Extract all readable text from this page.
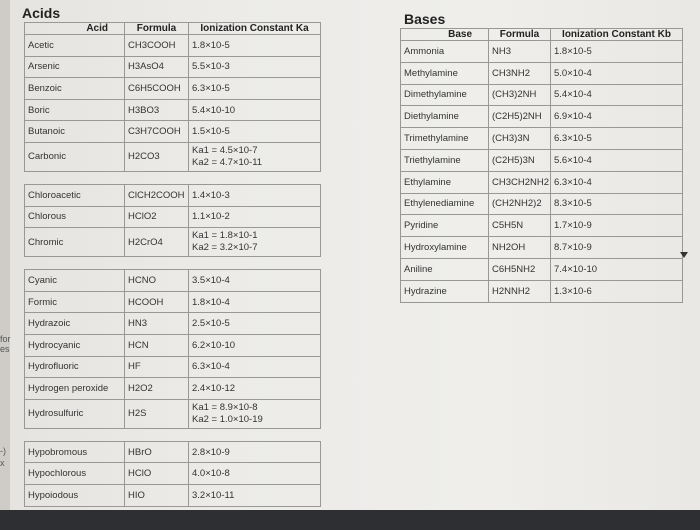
for
es
-)
x
Acids	Bases
Acid	Formula	Ionization Constant Ka
Acetic	CH3COOH	1.8×10-5
Arsenic	H3AsO4	5.5×10-3
Benzoic	C6H5COOH	6.3×10-5
Boric	H3BO3	5.4×10-10
Butanoic	C3H7COOH	1.5×10-5
Carbonic	H2CO3	Ka1 = 4.5×10-7
Ka2 = 4.7×10-11

Chloroacetic	ClCH2COOH	1.4×10-3
Chlorous	HClO2	1.1×10-2
Chromic	H2CrO4	Ka1 = 1.8×10-1
Ka2 = 3.2×10-7

Cyanic	HCNO	3.5×10-4
Formic	HCOOH	1.8×10-4
Hydrazoic	HN3	2.5×10-5
Hydrocyanic	HCN	6.2×10-10
Hydrofluoric	HF	6.3×10-4
Hydrogen peroxide	H2O2	2.4×10-12
Hydrosulfuric	H2S	Ka1 = 8.9×10-8
Ka2 = 1.0×10-19

Hypobromous	HBrO	2.8×10-9
Hypochlorous	HClO	4.0×10-8
Hypoiodous	HIO	3.2×10-11
Base	Formula	Ionization Constant Kb
Ammonia	NH3	1.8×10-5
Methylamine	CH3NH2	5.0×10-4
Dimethylamine	(CH3)2NH	5.4×10-4
Diethylamine	(C2H5)2NH	6.9×10-4
Trimethylamine	(CH3)3N	6.3×10-5
Triethylamine	(C2H5)3N	5.6×10-4
Ethylamine	CH3CH2NH2	6.3×10-4
Ethylenediamine	(CH2NH2)2	8.3×10-5
Pyridine	C5H5N	1.7×10-9
Hydroxylamine	NH2OH	8.7×10-9
Aniline	C6H5NH2	7.4×10-10
Hydrazine	H2NNH2	1.3×10-6
